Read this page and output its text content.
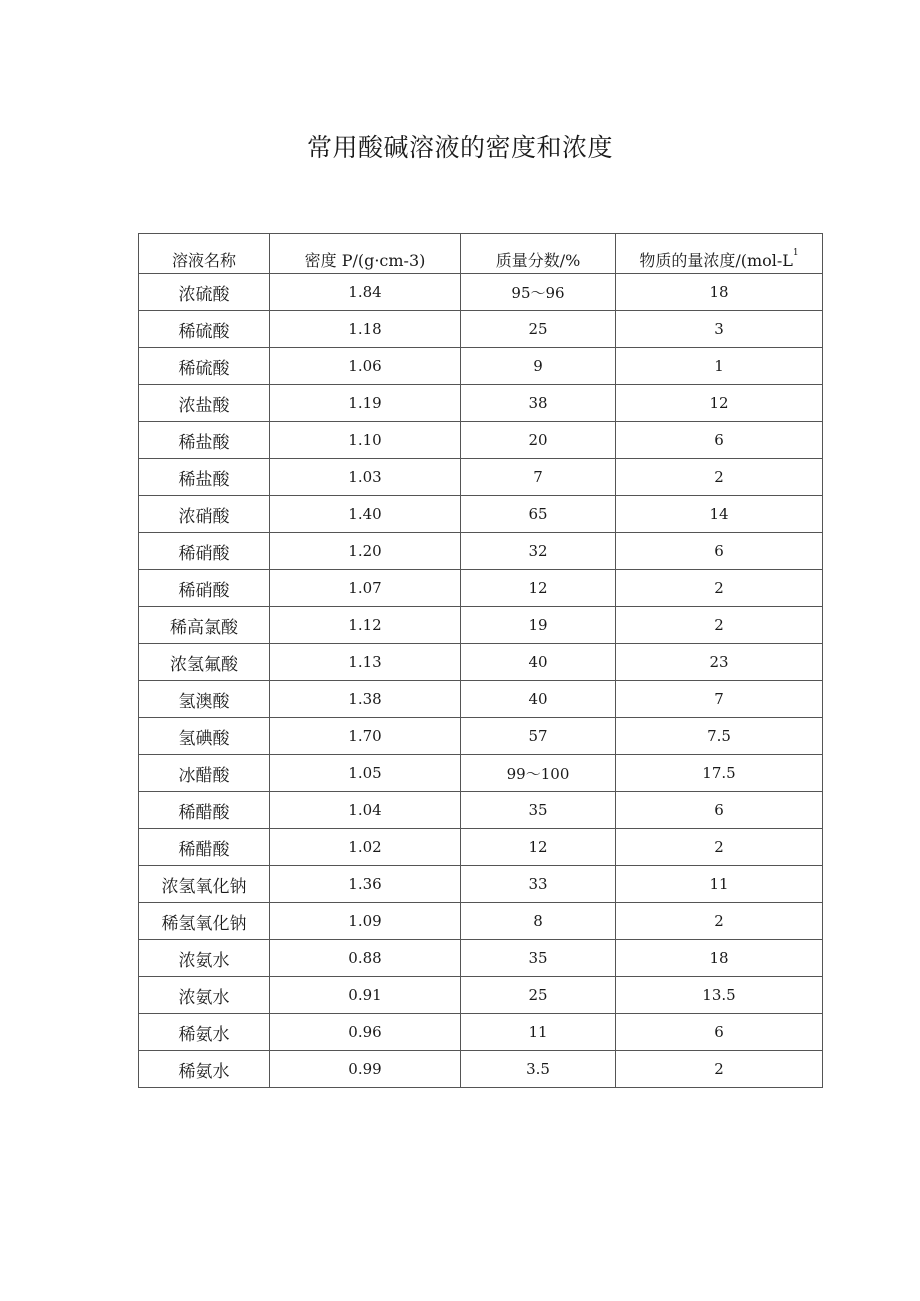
常用酸碱溶液的密度和浓度
溶液名称	密度 P/(g·cm-3)	质量分数/%	物质的量浓度$/(mol-L^1$
浓硫酸	1.84	95～96	18
稀硫酸	1.18	25	3
稀硫酸	1.06	9	1
浓盐酸	1.19	38	12
稀盐酸	1.10	20	6
稀盐酸	1.03	7	2
浓硝酸	1.40	65	14
稀硝酸	1.20	32	6
稀硝酸	1.07	12	2
稀高氯酸	1.12	19	2
浓氢氟酸	1.13	40	23
氢澳酸	1.38	40	7
氢碘酸	1.70	57	7.5
冰醋酸	1.05	99～100	17.5
稀醋酸	1.04	35	6
稀醋酸	1.02	12	2
浓氢氧化钠	1.36	33	11
稀氢氧化钠	1.09	8	2
浓氨水	0.88	35	18
浓氨水	0.91	25	13.5
稀氨水	0.96	11	6
稀氨水	0.99	3.5	2
